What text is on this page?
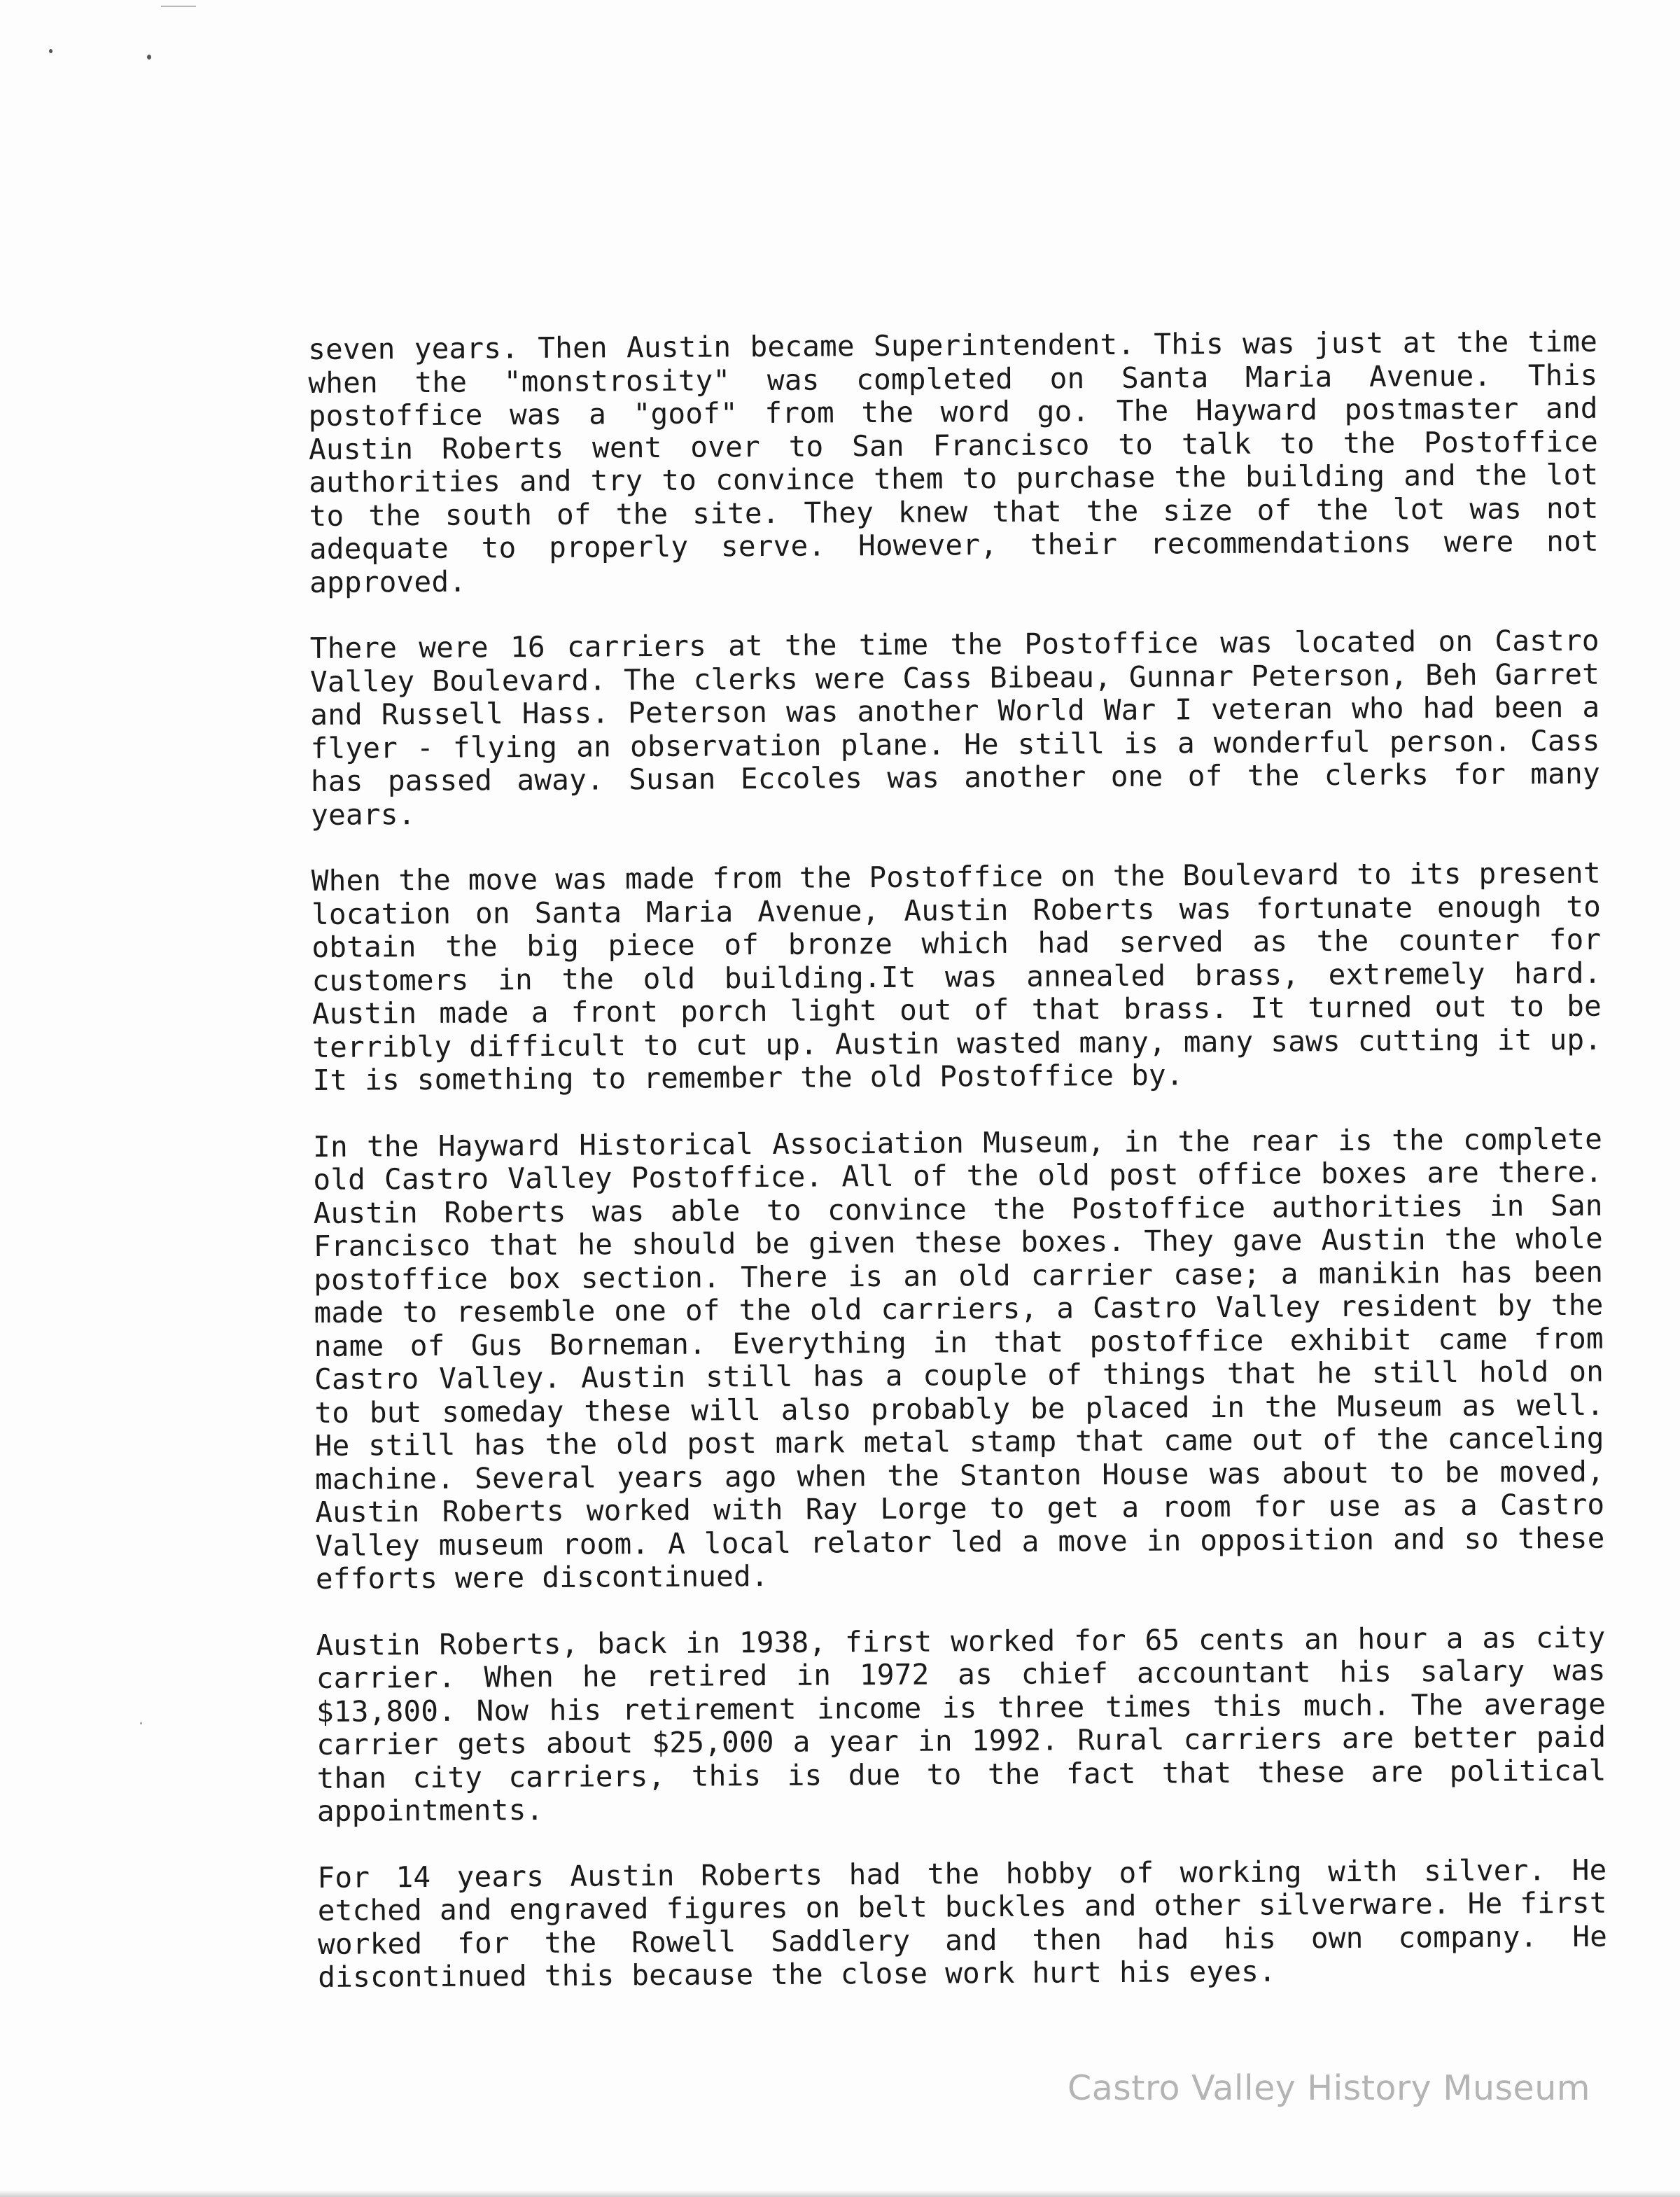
seven years. Then Austin became Superintendent. This was just at the time when the "monstrosity" was completed on Santa Maria Avenue. This postoffice was a "goof" from the word go. The Hayward postmaster and Austin Roberts went over to San Francisco to talk to the Postoffice authorities and try to convince them to purchase the building and the lot to the south of the site. They knew that the size of the lot was not adequate to properly serve. However, their recommendations were not approved.

There were 16 carriers at the time the Postoffice was located on Castro Valley Boulevard. The clerks were Cass Bibeau, Gunnar Peterson, Beh Garret and Russell Hass. Peterson was another World War I veteran who had been a flyer - flying an observation plane. He still is a wonderful person. Cass has passed away. Susan Eccoles was another one of the clerks for many years.

When the move was made from the Postoffice on the Boulevard to its present location on Santa Maria Avenue, Austin Roberts was fortunate enough to obtain the big piece of bronze which had served as the counter for customers in the old building.It was annealed brass, extremely hard. Austin made a front porch light out of that brass. It turned out to be terribly difficult to cut up. Austin wasted many, many saws cutting it up. It is something to remember the old Postoffice by.

In the Hayward Historical Association Museum, in the rear is the complete old Castro Valley Postoffice. All of the old post office boxes are there. Austin Roberts was able to convince the Postoffice authorities in San Francisco that he should be given these boxes. They gave Austin the whole postoffice box section. There is an old carrier case; a manikin has been made to resemble one of the old carriers, a Castro Valley resident by the name of Gus Borneman. Everything in that postoffice exhibit came from Castro Valley. Austin still has a couple of things that he still hold on to but someday these will also probably be placed in the Museum as well. He still has the old post mark metal stamp that came out of the canceling machine. Several years ago when the Stanton House was about to be moved, Austin Roberts worked with Ray Lorge to get a room for use as a Castro Valley museum room. A local relator led a move in opposition and so these efforts were discontinued.

Austin Roberts, back in 1938, first worked for 65 cents an hour a as city carrier. When he retired in 1972 as chief accountant his salary was $13,800. Now his retirement income is three times this much. The average carrier gets about $25,000 a year in 1992. Rural carriers are better paid than city carriers, this is due to the fact that these are political appointments.

For 14 years Austin Roberts had the hobby of working with silver. He etched and engraved figures on belt buckles and other silverware. He first worked for the Rowell Saddlery and then had his own company. He discontinued this because the close work hurt his eyes.

Castro Valley History Museum
